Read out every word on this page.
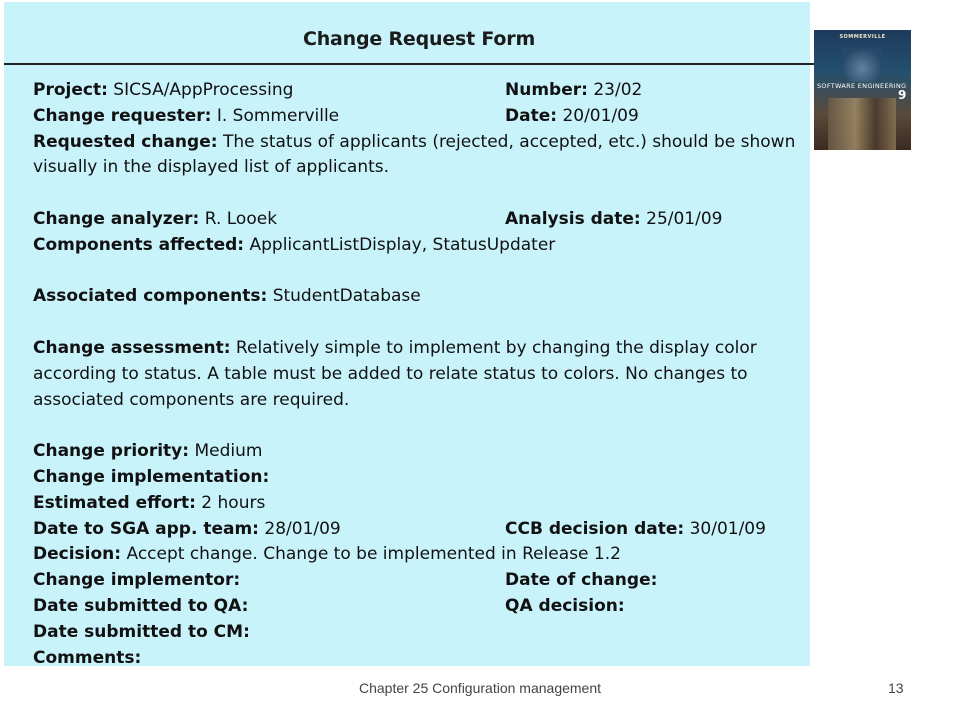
Change Request Form
Project: SICSA/AppProcessing	Number: 23/02
Change requester: I. Sommerville	Date: 20/01/09
Requested change: The status of applicants (rejected, accepted, etc.) should be shown visually in the displayed list of applicants.
Change analyzer: R. Looek	Analysis date: 25/01/09
Components affected: ApplicantListDisplay, StatusUpdater
Associated components: StudentDatabase
Change assessment: Relatively simple to implement by changing the display color according to status. A table must be added to relate status to colors. No changes to associated components are required.
Change priority: Medium
Change implementation:
Estimated effort: 2 hours
Date to SGA app. team: 28/01/09	CCB decision date: 30/01/09
Decision: Accept change. Change to be implemented in Release 1.2
Change implementor:	Date of change:
Date submitted to QA:	QA decision:
Date submitted to CM:
Comments:
SOMMERVILLE
SOFTWARE ENGINEERING
9
Chapter 25 Configuration management	13
